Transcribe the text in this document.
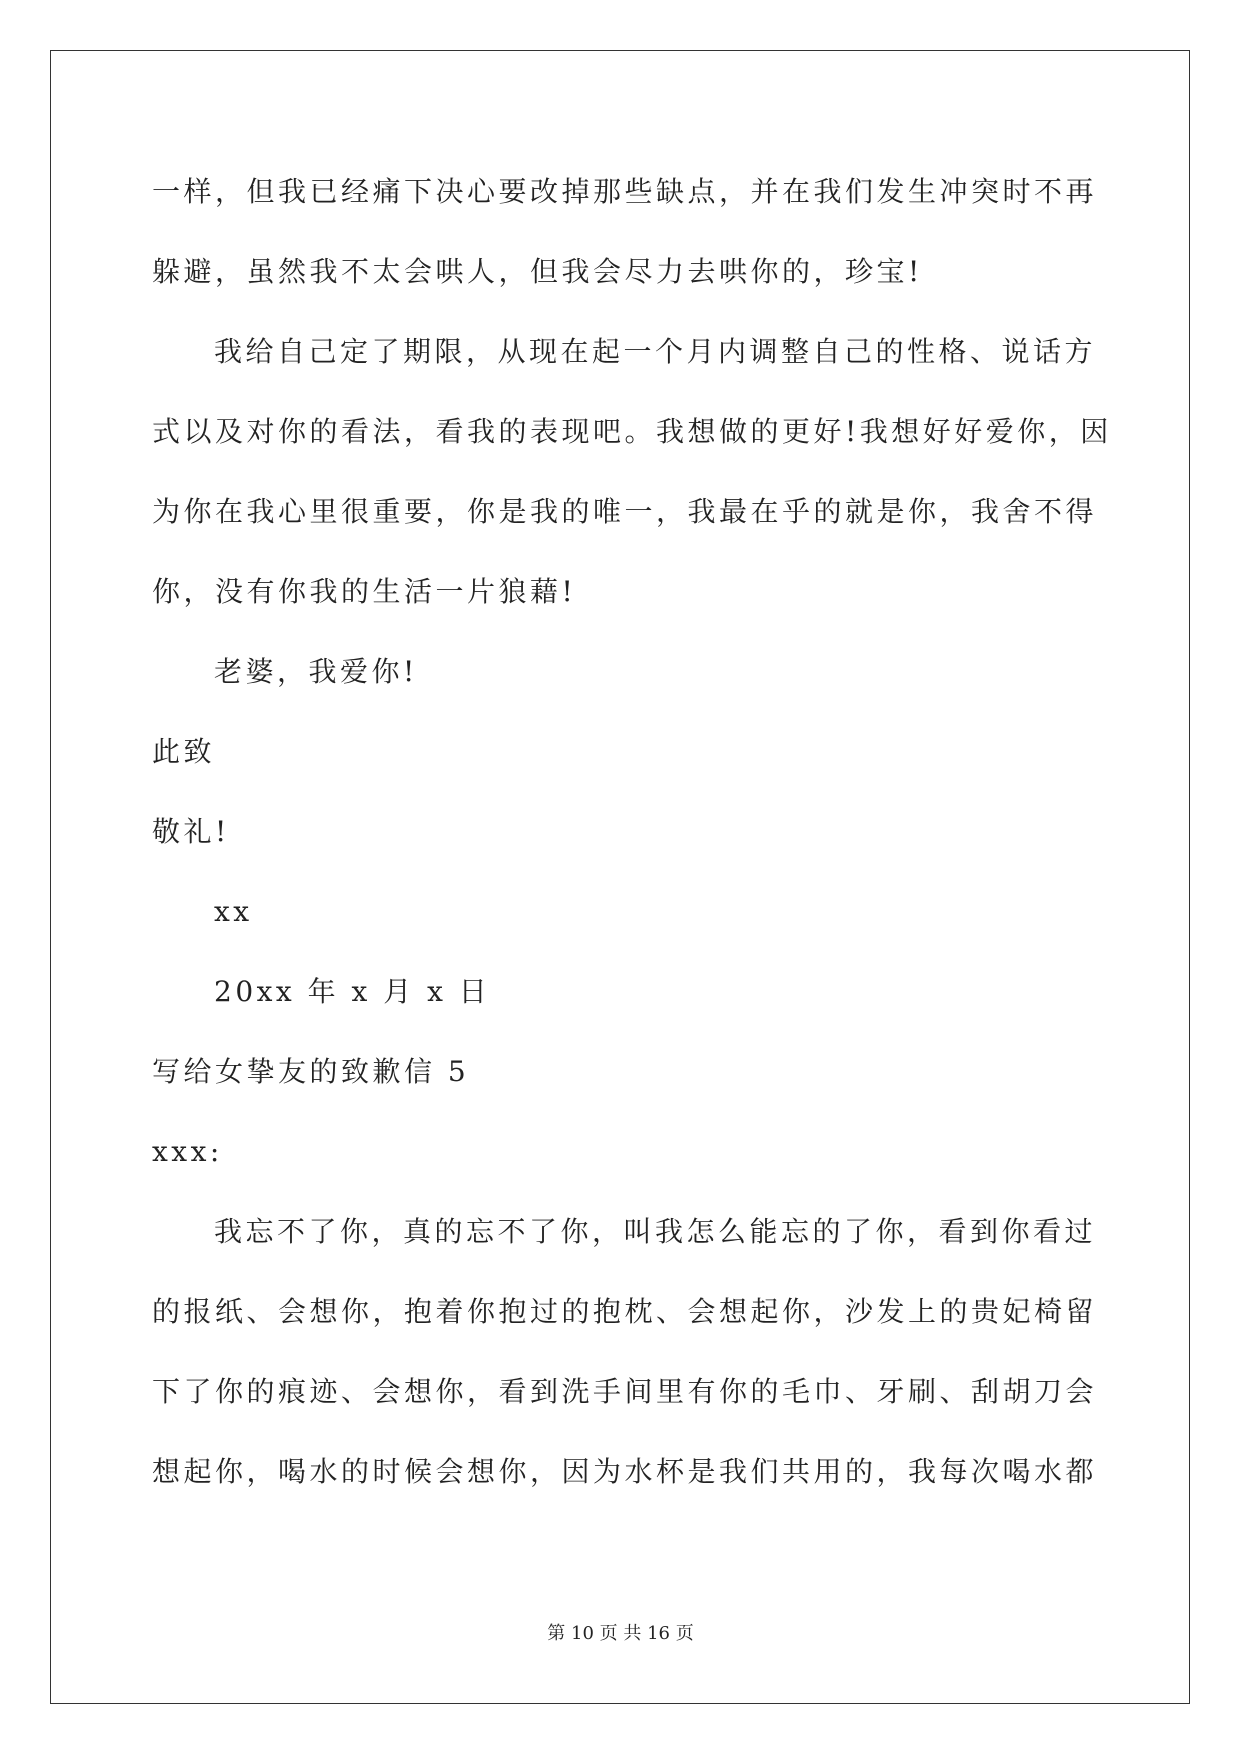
一样，但我已经痛下决心要改掉那些缺点，并在我们发生冲突时不再
躲避，虽然我不太会哄人，但我会尽力去哄你的，珍宝!
我给自己定了期限，从现在起一个月内调整自己的性格、说话方
式以及对你的看法，看我的表现吧。我想做的更好!我想好好爱你，因
为你在我心里很重要，你是我的唯一，我最在乎的就是你，我舍不得
你，没有你我的生活一片狼藉!
老婆，我爱你!
此致
敬礼!
xx
20xx 年 x 月 x 日
写给女挚友的致歉信 5
xxx:
我忘不了你，真的忘不了你，叫我怎么能忘的了你，看到你看过
的报纸、会想你，抱着你抱过的抱枕、会想起你，沙发上的贵妃椅留
下了你的痕迹、会想你，看到洗手间里有你的毛巾、牙刷、刮胡刀会
想起你，喝水的时候会想你，因为水杯是我们共用的，我每次喝水都
第 10 页 共 16 页
